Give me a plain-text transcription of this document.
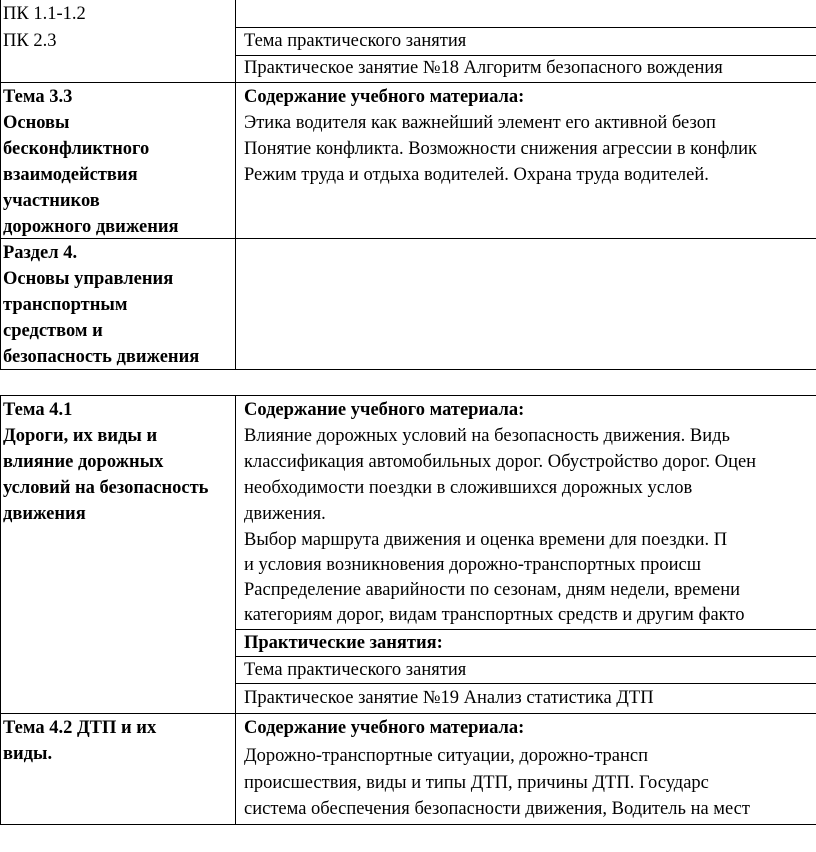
ПК 1.1-1.2
ПК 2.3	Тема практического занятия
Практическое занятие №18 Алгоритм безопасного вождения
Тема 3.3
Основы
бесконфликтного
взаимодействия
участников
дорожного движения
Содержание учебного материала:
Этика водителя как важнейший элемент его активной безоп
Понятие конфликта. Возможности снижения агрессии в конфлик
Режим труда и отдыха водителей. Охрана труда водителей.
Раздел 4.
Основы управления
транспортным
средством и
безопасность движения
Тема 4.1
Дороги, их виды и
влияние дорожных
условий на безопасность
движения
Содержание учебного материала:
Влияние дорожных условий на безопасность движения. Видь
классификация автомобильных дорог. Обустройство дорог. Оцен
необходимости поездки в сложившихся дорожных услов
движения.
Выбор маршрута движения и оценка времени для поездки. П
и условия возникновения дорожно-транспортных происш
Распределение аварийности по сезонам, дням недели, времени
категориям дорог, видам транспортных средств и другим факто
Практические занятия:
Тема практического занятия
Практическое занятие №19 Анализ статистика ДТП
Тема 4.2 ДТП и их
виды.
Содержание учебного материала:
Дорожно-транспортные ситуации, дорожно-трансп
происшествия, виды и типы ДТП, причины ДТП. Государс
система обеспечения безопасности движения, Водитель на мест
